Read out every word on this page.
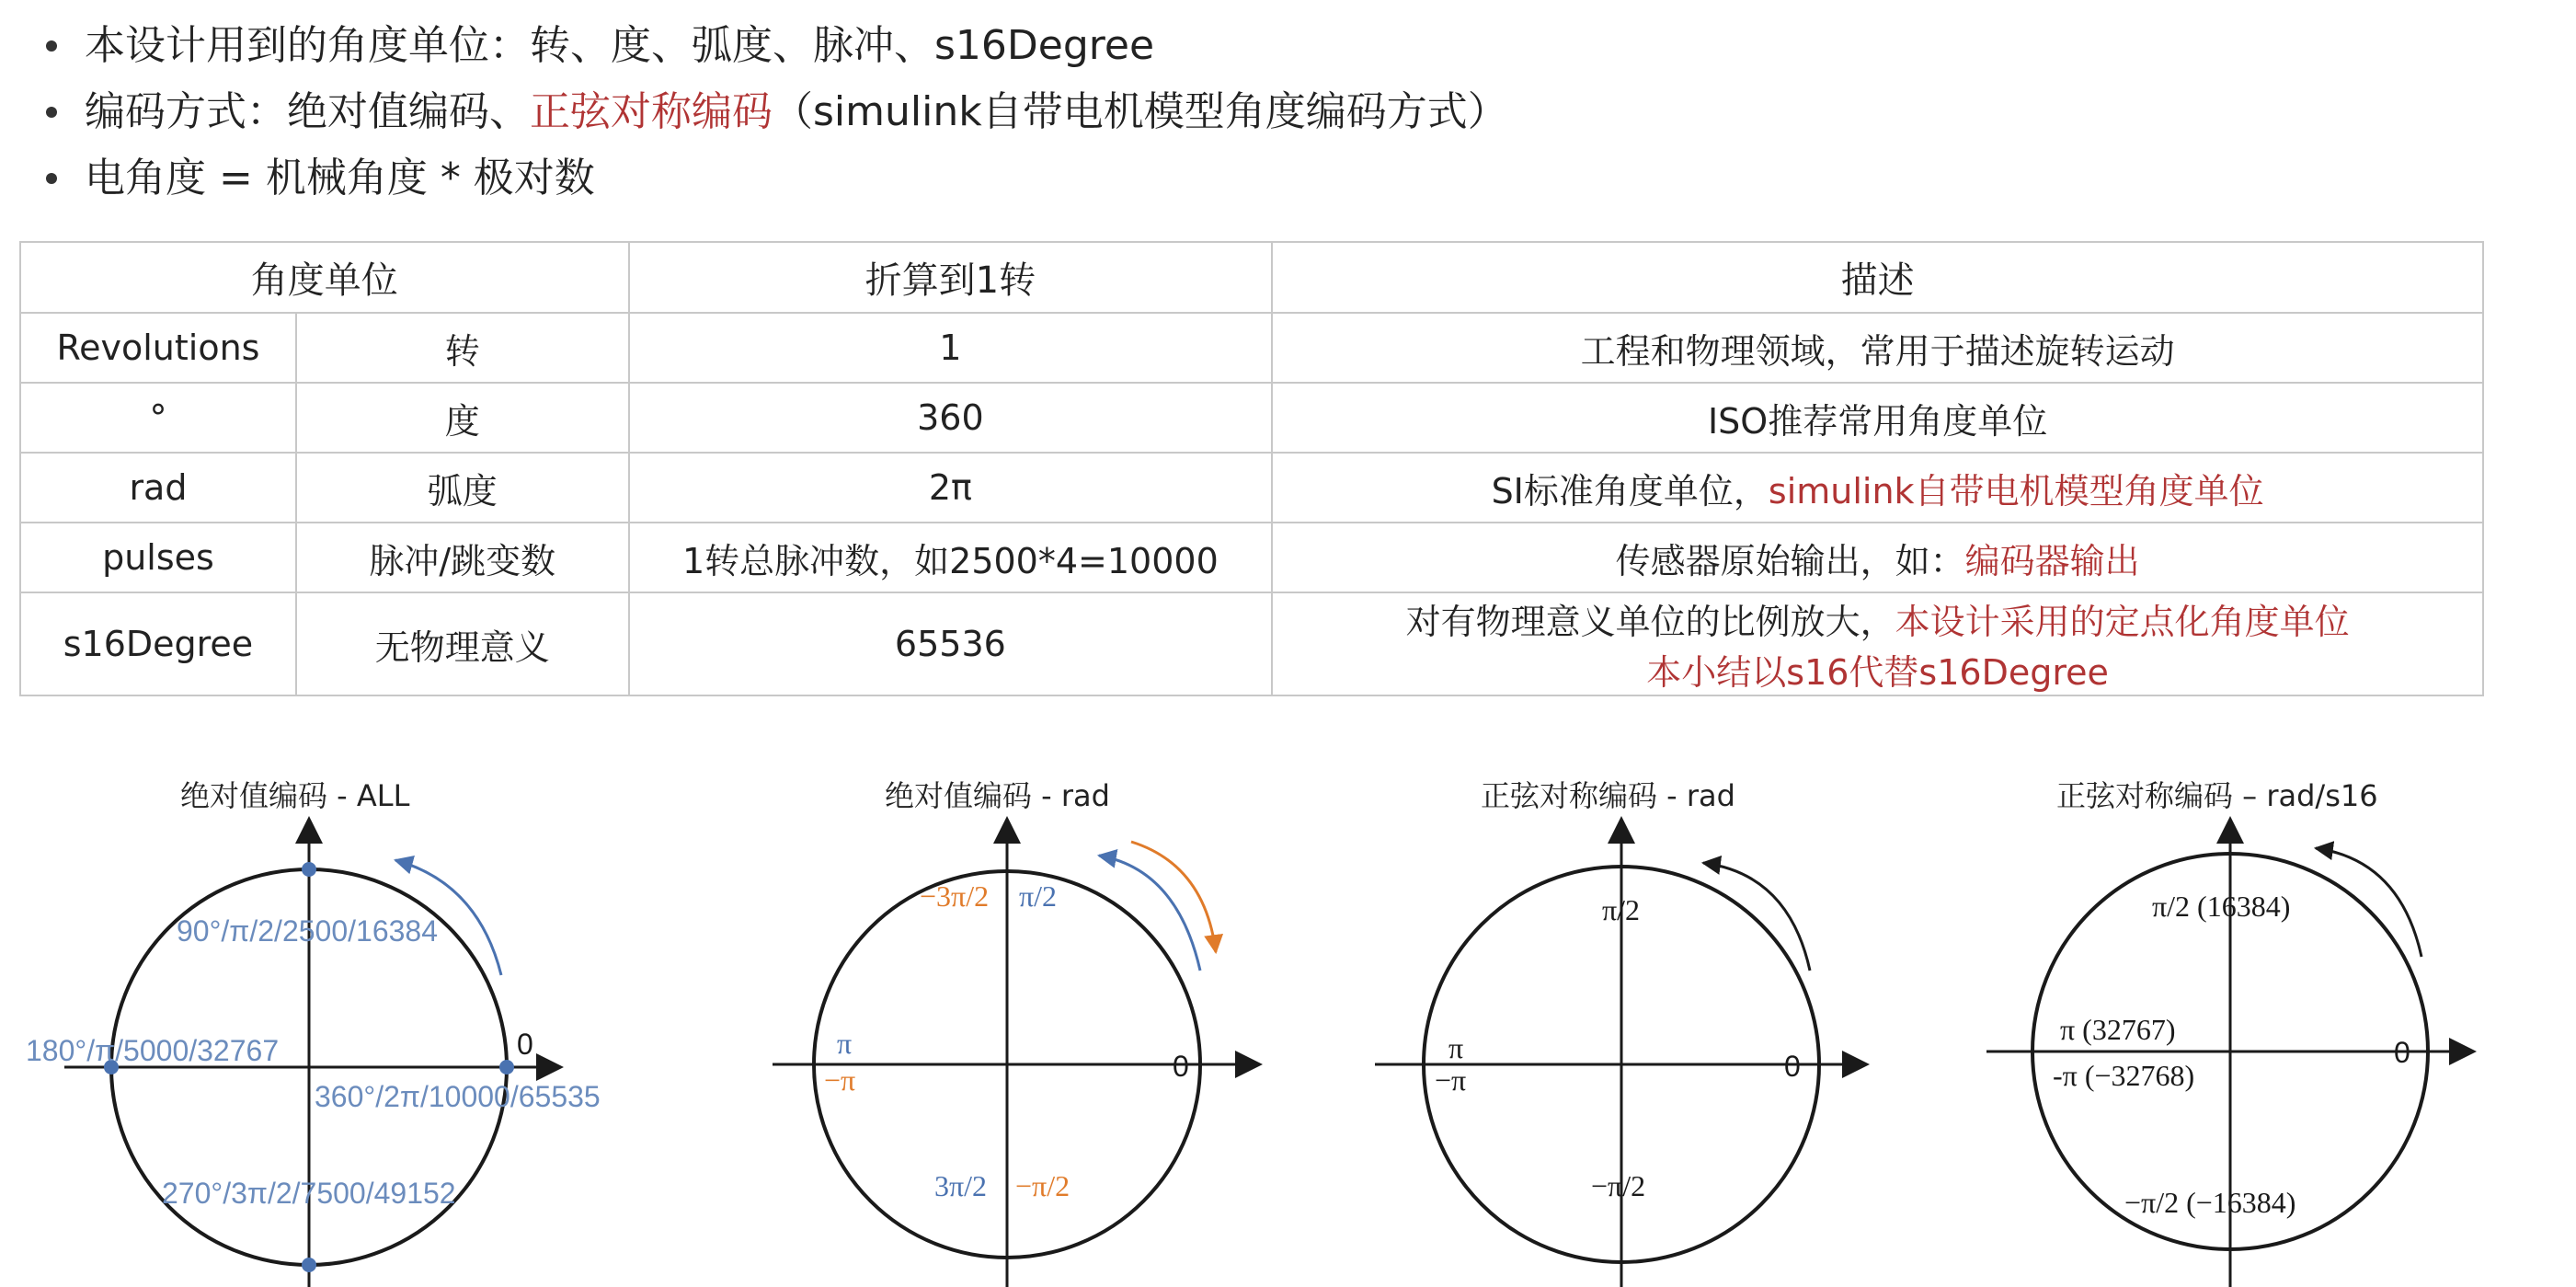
本设计用到的角度单位：转、度、弧度、脉冲、s16Degree
编码方式：绝对值编码、 正弦对称编码 （simulink自带电机模型角度编码方式）
电角度 = 机械角度 * 极对数
角度单位		折算到1转	描述
Revolutions	转	1	工程和物理领域，常用于描述旋转运动
°	度	360	ISO推荐常用角度单位
rad	弧度	2π	SI标准角度单位，simulink自带电机模型角度单位
pulses	脉冲/跳变数	1转总脉冲数，如2500*4=10000	传感器原始输出，如：编码器输出
s16Degree	无物理意义	65536	对有物理意义单位的比例放大，本设计采用的定点化角度单位
本小结以s16代替s16Degree
绝对值编码 - ALL	绝对值编码 - rad	正弦对称编码 - rad	正弦对称编码 – rad/s16
90°/π/2/2500/16384
180°/π/5000/32767	0
360°/2π/10000/65535
270°/3π/2/7500/49152
π/2
−3π/2
π
−π	0
3π/2 −π/2
π/2
π
−π	0
−π/2
π/2 (16384)
π (32767)
-π (−32768)
0
−π/2 (−16384)
